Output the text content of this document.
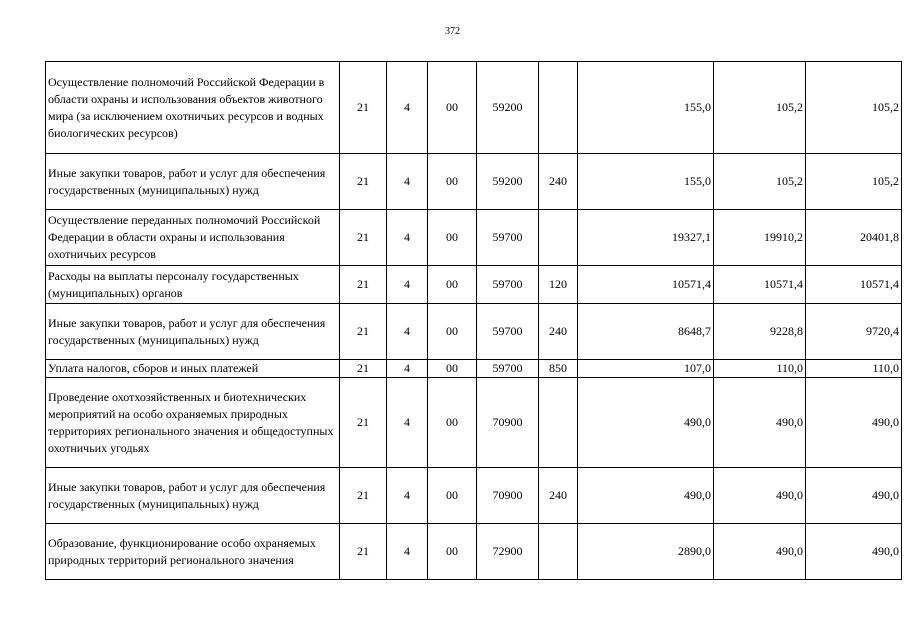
372
Осуществление полномочий Российской Федерации в области охраны и использования объектов животного мира (за исключением охотничьих ресурсов и водных биологических ресурсов)	21	4	00	59200		155,0	105,2	105,2
Иные закупки товаров, работ и услуг для обеспечения государственных (муниципальных) нужд	21	4	00	59200	240	155,0	105,2	105,2
Осуществление переданных полномочий Российской Федерации в области охраны и использования охотничьих ресурсов	21	4	00	59700		19327,1	19910,2	20401,8
Расходы на выплаты персоналу государственных (муниципальных) органов	21	4	00	59700	120	10571,4	10571,4	10571,4
Иные закупки товаров, работ и услуг для обеспечения государственных (муниципальных) нужд	21	4	00	59700	240	8648,7	9228,8	9720,4
Уплата налогов, сборов и иных платежей	21	4	00	59700	850	107,0	110,0	110,0
Проведение охотхозяйственных и биотехнических мероприятий на особо охраняемых природных территориях регионального значения и общедоступных охотничьих угодьях	21	4	00	70900		490,0	490,0	490,0
Иные закупки товаров, работ и услуг для обеспечения государственных (муниципальных) нужд	21	4	00	70900	240	490,0	490,0	490,0
Образование, функционирование особо охраняемых природных территорий регионального значения	21	4	00	72900		2890,0	490,0	490,0
